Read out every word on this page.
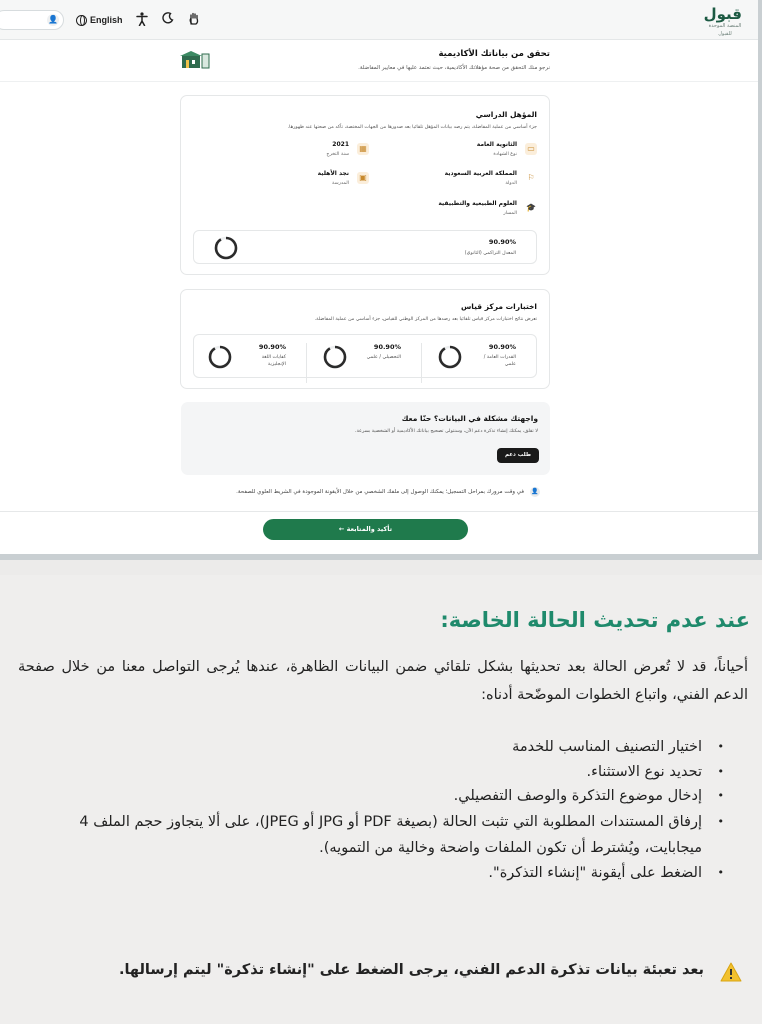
قبول
المنصة الموحدة للقبول
👤	English
تحقق من بياناتك الأكاديمية
نرجو منك التحقق من صحة مؤهلاتك الأكاديمية، حيث نعتمد عليها في معايير المفاضلة.
المؤهل الدراسي
جزء أساسي من عملية المفاضلة، يتم رصد بيانات المؤهل تلقائيا بعد صدورها من الجهات المختصة، تأكد من صحتها عند ظهورها.
▭
الثانوية العامة
نوع الشهادة
▦
2021
سنة التخرج
⚐
المملكة العربية السعودية
الدولة
▣
نجد الأهلية
المدرسة
🎓
العلوم الطبيعية والتطبيقية
المسار
90.90%
المعدل التراكمي (الثانوي)
اختبارات مركز قياس
تعرض نتائج اختبارات مركز قياس تلقائيا بعد رصدها من المركز الوطني للقياس، جزء أساسي من عملية المفاضلة.
90.90%
القدرات العامة / علمي
90.90%
التحصيلي / علمي
90.90%
كفايات اللغة الإنجليزية
واجهتك مشكلة في البيانات؟ حنّا معك
لا تقلق، يمكنك إنشاء تذكرة دعم الآن، وسنتولى تصحيح بياناتك الأكاديمية أو الشخصية بسرعة.
طلب دعم
👤
في وقت مرورك بمراحل التسجيل؛ يمكنك الوصول إلى ملفك الشخصي من خلال الأيقونة الموجودة في الشريط العلوي للصفحة.
تأكيد والمتابعة ←
عند عدم تحديث الحالة الخاصة:
أحياناً، قد لا تُعرض الحالة بعد تحديثها بشكل تلقائي ضمن البيانات الظاهرة، عندها يُرجى التواصل معنا من خلال صفحة الدعم الفني، واتباع الخطوات الموضّحة أدناه:
•
اختيار التصنيف المناسب للخدمة
•
تحديد نوع الاستثناء.
•
إدخال موضوع التذكرة والوصف التفصيلي.
•
إرفاق المستندات المطلوبة التي تثبت الحالة (بصيغة PDF أو JPG أو JPEG)، على ألا يتجاوز حجم الملف 4 ميجابايت، ويُشترط أن تكون الملفات واضحة وخالية من التمويه).
•
الضغط على أيقونة "إنشاء التذكرة".
بعد تعبئة بيانات تذكرة الدعم الفني، يرجى الضغط على "إنشاء تذكرة" ليتم إرسالها.
